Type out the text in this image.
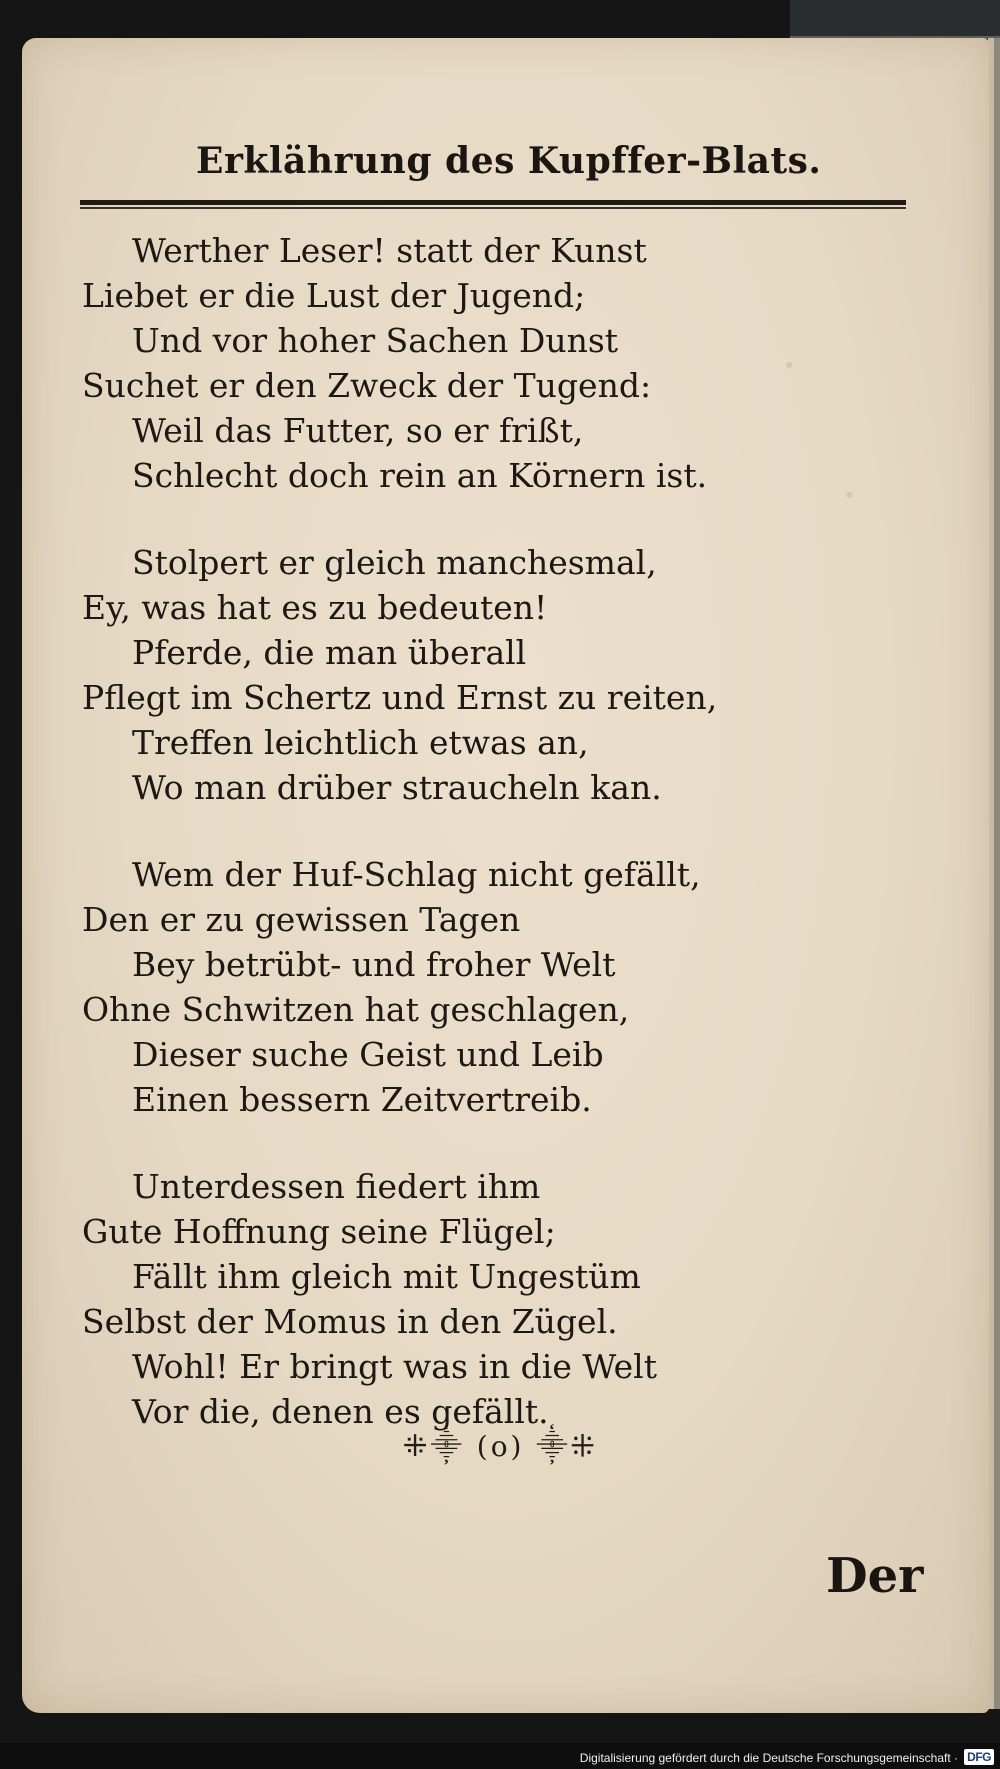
·
·
Erklährung des Kupffer-Blats.
Werther Leser! statt der Kunst
Liebet er die Lust der Jugend;
Und vor hoher Sachen Dunst
Suchet er den Zweck der Tugend:
Weil das Futter, so er frißt,
Schlecht doch rein an Körnern ist.
Stolpert er gleich manchesmal,
Ey, was hat es zu bedeuten!
Pferde, die man überall
Pflegt im Schertz und Ernst zu reiten,
Treffen leichtlich etwas an,
Wo man drüber straucheln kan.
Wem der Huf-Schlag nicht gefällt,
Den er zu gewissen Tagen
Bey betrübt- und froher Welt
Ohne Schwitzen hat geschlagen,
Dieser suche Geist und Leib
Einen bessern Zeitvertreib.
Unterdessen fiedert ihm
Gute Hoffnung seine Flügel;
Fällt ihm gleich mit Ungestüm
Selbst der Momus in den Zügel.
Wohl! Er bringt was in die Welt
Vor die, denen es gefällt.
⁜⸎ (o) ⸎⁜
Der
Digitalisierung gefördert durch die Deutsche Forschungsgemeinschaft · DFG
